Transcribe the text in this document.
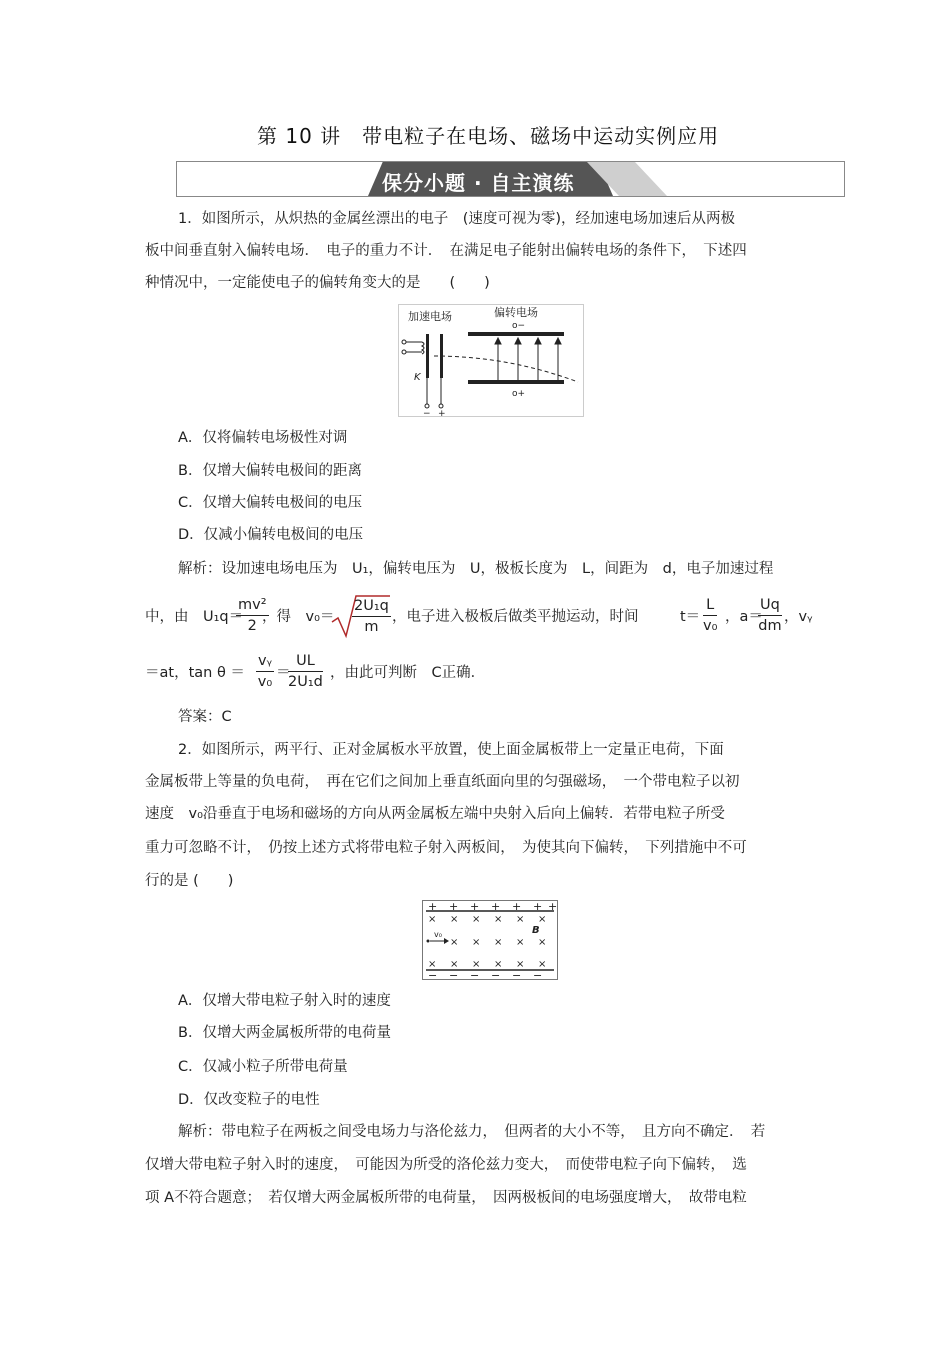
第 10 讲　带电粒子在电场、磁场中运动实例应用
保分小题 · 自主演练
1．如图所示，从炽热的金属丝漂出的电子　(速度可视为零)，经加速电场加速后从两极
板中间垂直射入偏转电场．　电子的重力不计．　在满足电子能射出偏转电场的条件下，　下述四
种情况中，一定能使电子的偏转角变大的是　　(　　)
加速电场	偏转电场
o−
o+
K
− +
A．仅将偏转电场极性对调
B．仅增大偏转电极间的距离
C．仅增大偏转电极间的电压
D．仅减小偏转电极间的电压
解析：设加速电场电压为　U₁，偏转电压为　U，极板长度为　L，间距为　d，电子加速过程
中，由　U₁q＝
$\frac{\text{mv²}}{2}$
，得　$v_0= \frac{\text{2U₁q}}{m}$ ，电子进入极板后做类平抛运动，时间	$t= \frac{L}{\text{v₀}}$ ，a＝
$\frac{Uq}{dm}$ ，vᵧ
＝at，$\tan \theta = \frac{\text{vᵧ}}{\text{v₀}}$ ＝
$\frac{UL}{\text{2U₁d}}$ ，由此可判断　C正确．
答案：C
2．如图所示，两平行、正对金属板水平放置，使上面金属板带上一定量正电荷，下面
金属板带上等量的负电荷，　再在它们之间加上垂直纸面向里的匀强磁场，　一个带电粒子以初
速度　v₀沿垂直于电场和磁场的方向从两金属板左端中央射入后向上偏转．若带电粒子所受
重力可忽略不计，　仍按上述方式将带电粒子射入两板间，　为使其向下偏转，　下列措施中不可
行的是 (　　)
+ + + + + + +
× × × × × ×
B
v₀
× × × × ×
× × × × × ×
− − − − − −
A．仅增大带电粒子射入时的速度
B．仅增大两金属板所带的电荷量
C．仅减小粒子所带电荷量
D．仅改变粒子的电性
解析：带电粒子在两板之间受电场力与洛伦兹力，　但两者的大小不等，　且方向不确定．　若
仅增大带电粒子射入时的速度，　可能因为所受的洛伦兹力变大，　而使带电粒子向下偏转，　选
项 A不符合题意；　若仅增大两金属板所带的电荷量，　因两极板间的电场强度增大，　故带电粒
